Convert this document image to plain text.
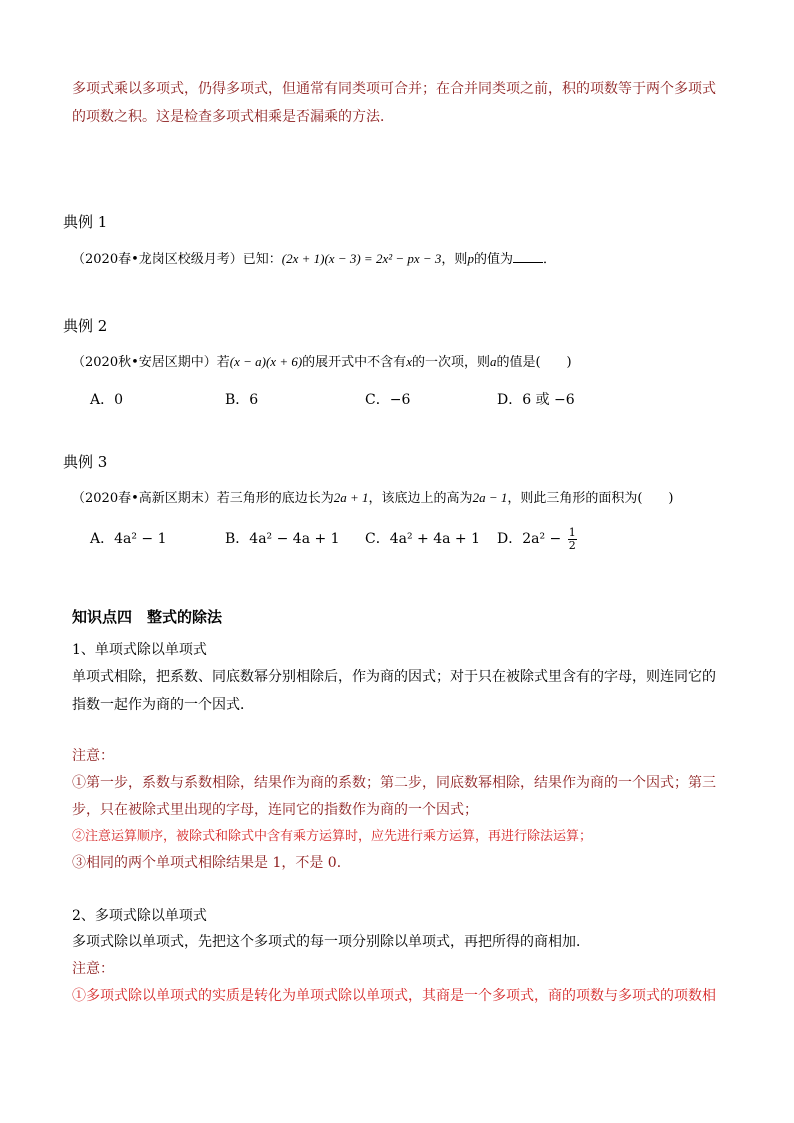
多项式乘以多项式，仍得多项式，但通常有同类项可合并；在合并同类项之前，积的项数等于两个多项式
的项数之积。这是检查多项式相乘是否漏乘的方法．
典例 1
（2020春•龙岗区校级月考）已知：(2x + 1)(x − 3) = 2x² − px − 3，则p的值为 ．
典例 2
（2020秋•安居区期中）若(x − a)(x + 6)的展开式中不含有x的一次项，则a的值是(　　)
A．0	B．6	C．−6	D．6 或 −6
典例 3
（2020春•高新区期末）若三角形的底边长为2a + 1，该底边上的高为2a − 1，则此三角形的面积为(　　)
A．4a² − 1	B．4a² − 4a + 1 C．4a² + 4a + 1 D．$2a^2 - \frac{1}{2}$
知识点四　整式的除法
1、单项式除以单项式
单项式相除，把系数、同底数幂分别相除后，作为商的因式；对于只在被除式里含有的字母，则连同它的
指数一起作为商的一个因式．
注意：
①第一步，系数与系数相除，结果作为商的系数；第二步，同底数幂相除，结果作为商的一个因式；第三
步，只在被除式里出现的字母，连同它的指数作为商的一个因式；
②注意运算顺序，被除式和除式中含有乘方运算时，应先进行乘方运算，再进行除法运算；
③相同的两个单项式相除结果是 1，不是 0．
2、多项式除以单项式
多项式除以单项式，先把这个多项式的每一项分别除以单项式，再把所得的商相加．
注意：
①多项式除以单项式的实质是转化为单项式除以单项式，其商是一个多项式，商的项数与多项式的项数相
